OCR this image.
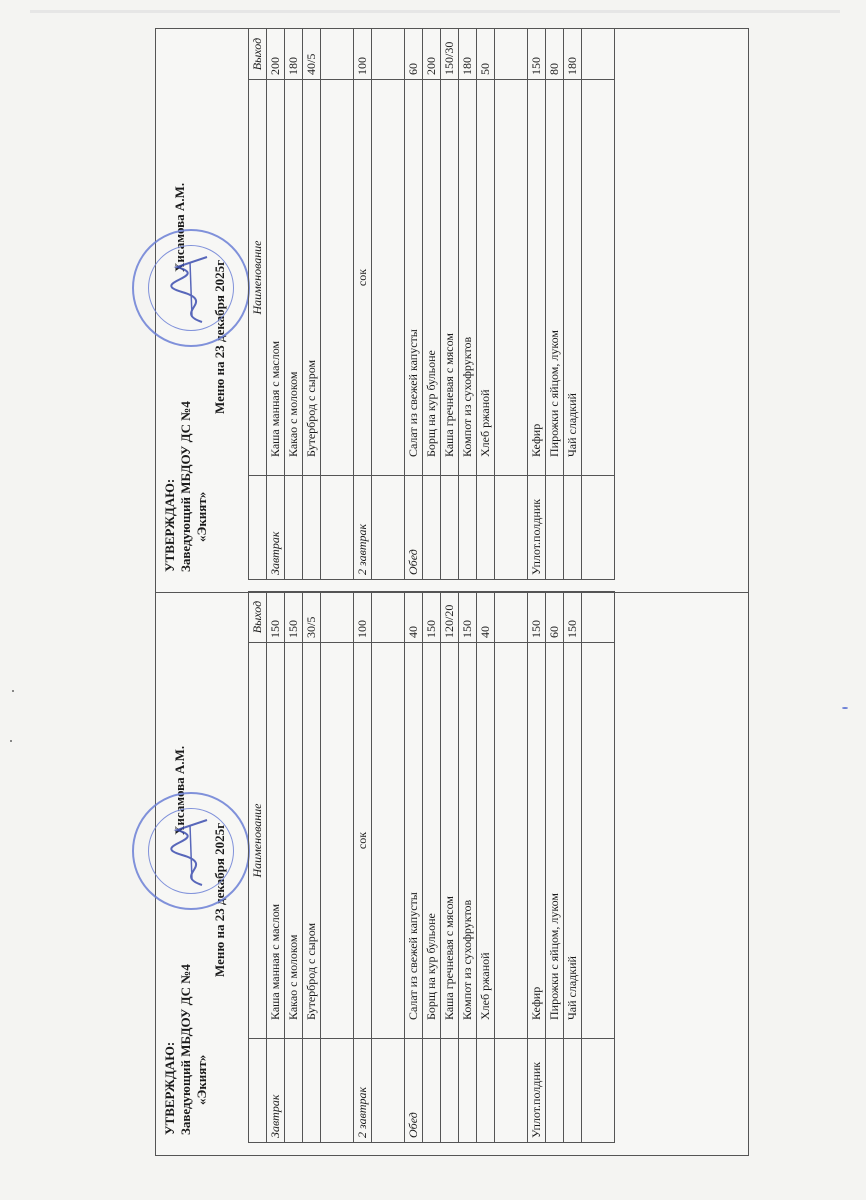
УТВЕРЖДАЮ: Заведующий МБДОУ ДС №4 «Экият»
Хисамова А.М.
Меню на 23 декабря 2025г
	Наименование	Выход
Завтрак	Каша манная с маслом	200
	Какао с молоком	180
	Бутерброд с сыром	40/5

2 завтрак	сок	100

Обед	Салат из свежей капусты	60
	Борщ на кур бульоне	200
	Каша гречневая с мясом	150/30
	Компот из сухофруктов	180
	Хлеб ржаной	50

Уплот.полдник	Кефир	150
	Пирожки с яйцом, луком	80
	Чай сладкий	180

УТВЕРЖДАЮ: Заведующий МБДОУ ДС №4 «Экият»
Хисамова А.М.
Меню на 23 декабря 2025г
	Наименование	Выход
Завтрак	Каша манная с маслом	150
	Какао с молоком	150
	Бутерброд с сыром	30/5

2 завтрак	сок	100

Обед	Салат из свежей капусты	40
	Борщ на кур бульоне	150
	Каша гречневая с мясом	120/20
	Компот из сухофруктов	150
	Хлеб ржаной	40

Уплот.полдник	Кефир	150
	Пирожки с яйцом, луком	60
	Чай сладкий	150
